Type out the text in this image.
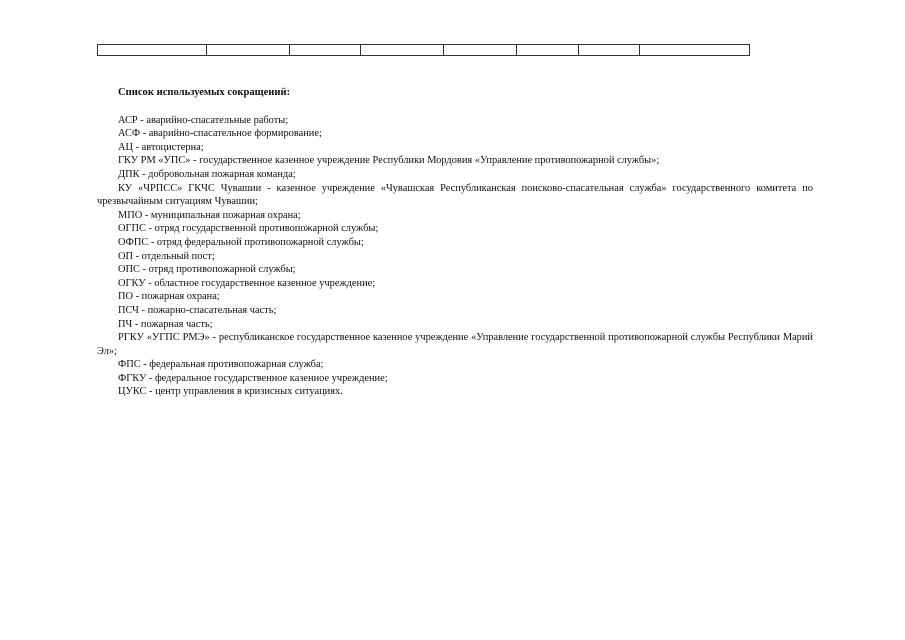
Список используемых сокращений:

АСР - аварийно-спасательные работы;
АСФ - аварийно-спасательное формирование;
АЦ - автоцистерна;
ГКУ РМ «УПС» - государственное казенное учреждение Республики Мордовия «Управление противопожарной службы»;
ДПК - добровольная пожарная команда;
КУ «ЧРПСС» ГКЧС Чувашии - казенное учреждение «Чувашская Республиканская поисково-спасательная служба» государственного комитета по чрезвычайным ситуациям Чувашии;
МПО - муниципальная пожарная охрана;
ОГПС - отряд государственной противопожарной службы;
ОФПС - отряд федеральной противопожарной службы;
ОП - отдельный пост;
ОПС - отряд противопожарной службы;
ОГКУ - областное государственное казенное учреждение;
ПО - пожарная охрана;
ПСЧ - пожарно-спасательная часть;
ПЧ - пожарная часть;
РГКУ «УГПС РМЭ» - республиканское государственное казенное учреждение «Управление государственной противопожарной службы Республики Марий Эл»;
ФПС - федеральная противопожарная служба;
ФГКУ - федеральное государственное казенное учреждение;
ЦУКС - центр управления в кризисных ситуациях.
